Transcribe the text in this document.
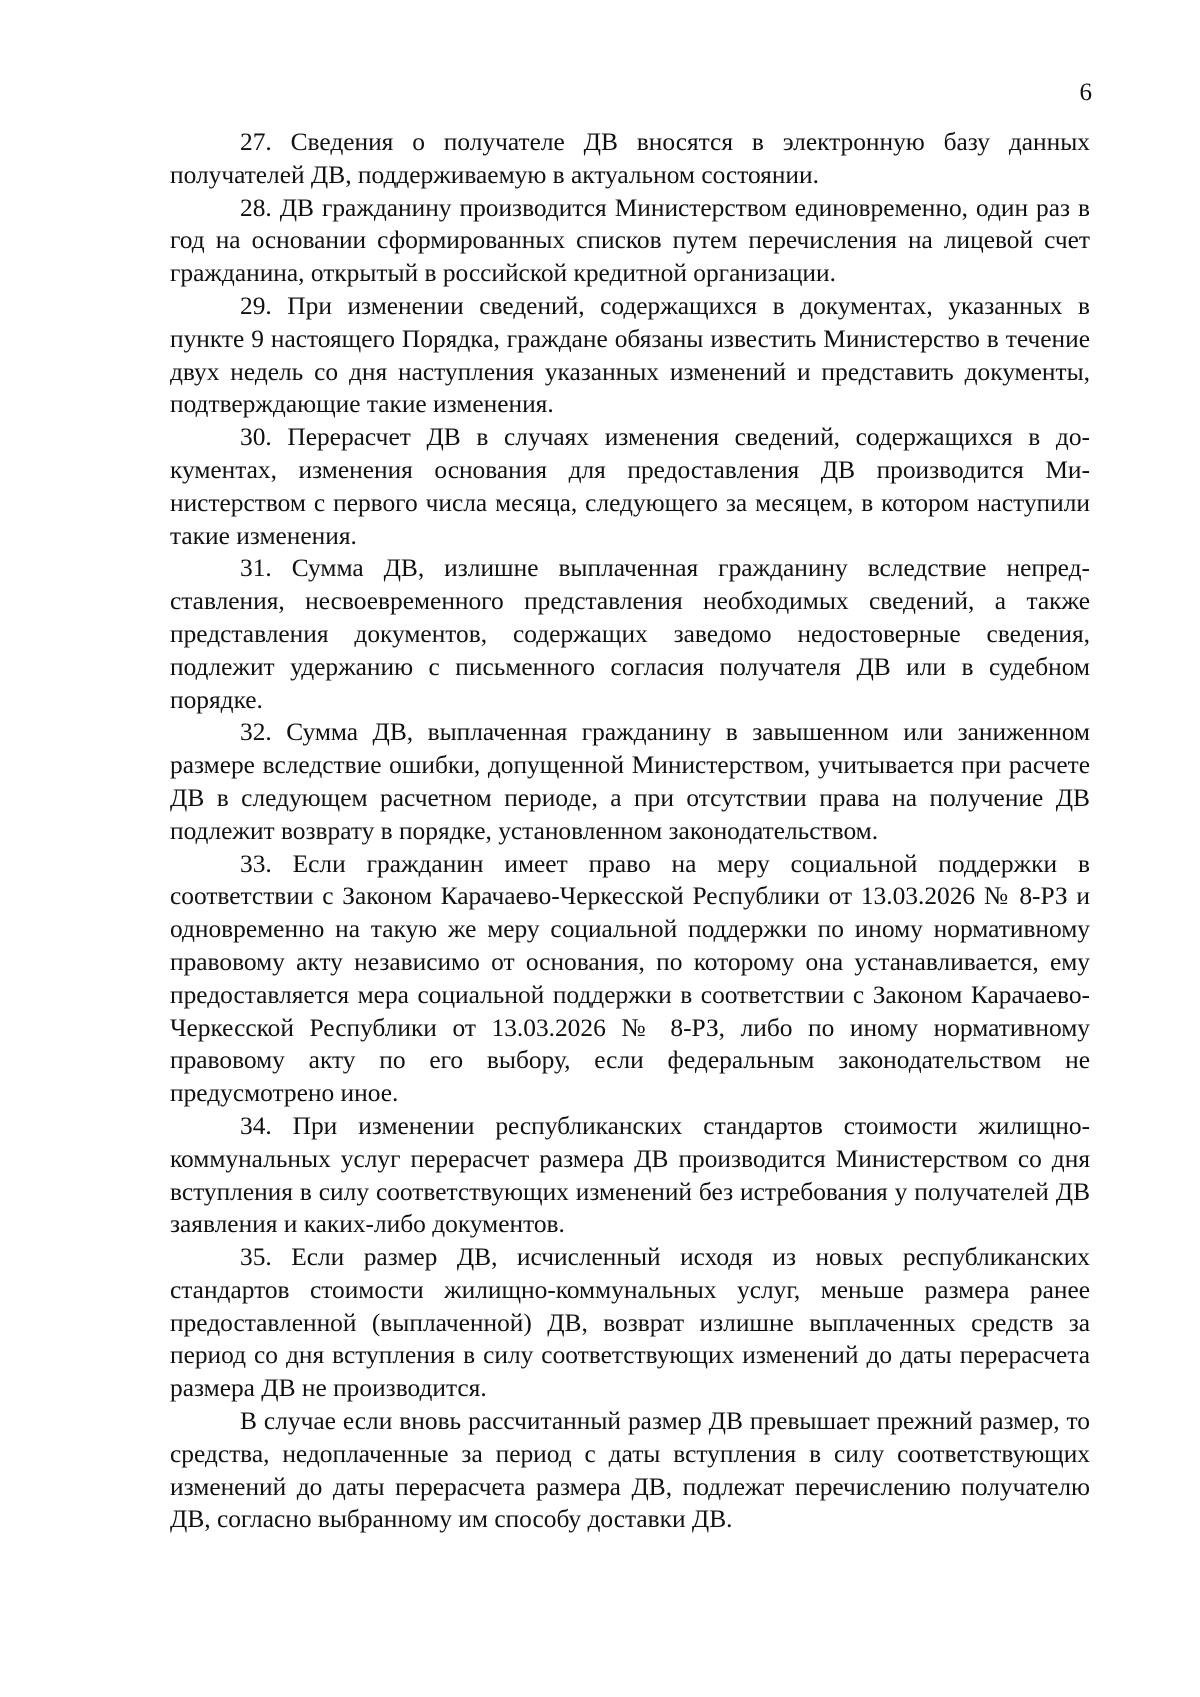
6

27. Сведения о получателе ДВ вносятся в электронную базу данных получателей ДВ, поддерживаемую в актуальном состоянии.

28. ДВ гражданину производится Министерством единовременно, один раз в год на основании сформированных списков путем перечисления на лицевой счет гражданина, открытый в российской кредитной организации.

29. При изменении сведений, содержащихся в документах, указанных в пункте 9 настоящего Порядка, граждане обязаны известить Министерство в течение двух недель со дня наступления указанных изменений и представить документы, подтверждающие такие изменения.

30. Перерасчет ДВ в случаях изменения сведений, содержащихся в документах, изменения основания для предоставления ДВ производится Министерством с первого числа месяца, следующего за месяцем, в котором наступили такие изменения.

31. Сумма ДВ, излишне выплаченная гражданину вследствие непредставления, несвоевременного представления необходимых сведений, а также представления документов, содержащих заведомо недостоверные сведения, подлежит удержанию с письменного согласия получателя ДВ или в судебном порядке.

32. Сумма ДВ, выплаченная гражданину в завышенном или заниженном размере вследствие ошибки, допущенной Министерством, учитывается при расчете ДВ в следующем расчетном периоде, а при отсутствии права на получение ДВ подлежит возврату в порядке, установленном законодательством.

33. Если гражданин имеет право на меру социальной поддержки в соответствии с Законом Карачаево-Черкесской Республики от 13.03.2026 № 8-РЗ и одновременно на такую же меру социальной поддержки по иному нормативному правовому акту независимо от основания, по которому она устанавливается, ему предоставляется мера социальной поддержки в соответствии с Законом Карачаево-Черкесской Республики от 13.03.2026 № 8-РЗ, либо по иному нормативному правовому акту по его выбору, если федеральным законодательством не предусмотрено иное.

34. При изменении республиканских стандартов стоимости жилищно-коммунальных услуг перерасчет размера ДВ производится Министерством со дня вступления в силу соответствующих изменений без истребования у получателей ДВ заявления и каких-либо документов.

35. Если размер ДВ, исчисленный исходя из новых республиканских стандартов стоимости жилищно-коммунальных услуг, меньше размера ранее предоставленной (выплаченной) ДВ, возврат излишне выплаченных средств за период со дня вступления в силу соответствующих изменений до даты перерасчета размера ДВ не производится.

В случае если вновь рассчитанный размер ДВ превышает прежний размер, то средства, недоплаченные за период с даты вступления в силу соответствующих изменений до даты перерасчета размера ДВ, подлежат перечислению получателю ДВ, согласно выбранному им способу доставки ДВ.
